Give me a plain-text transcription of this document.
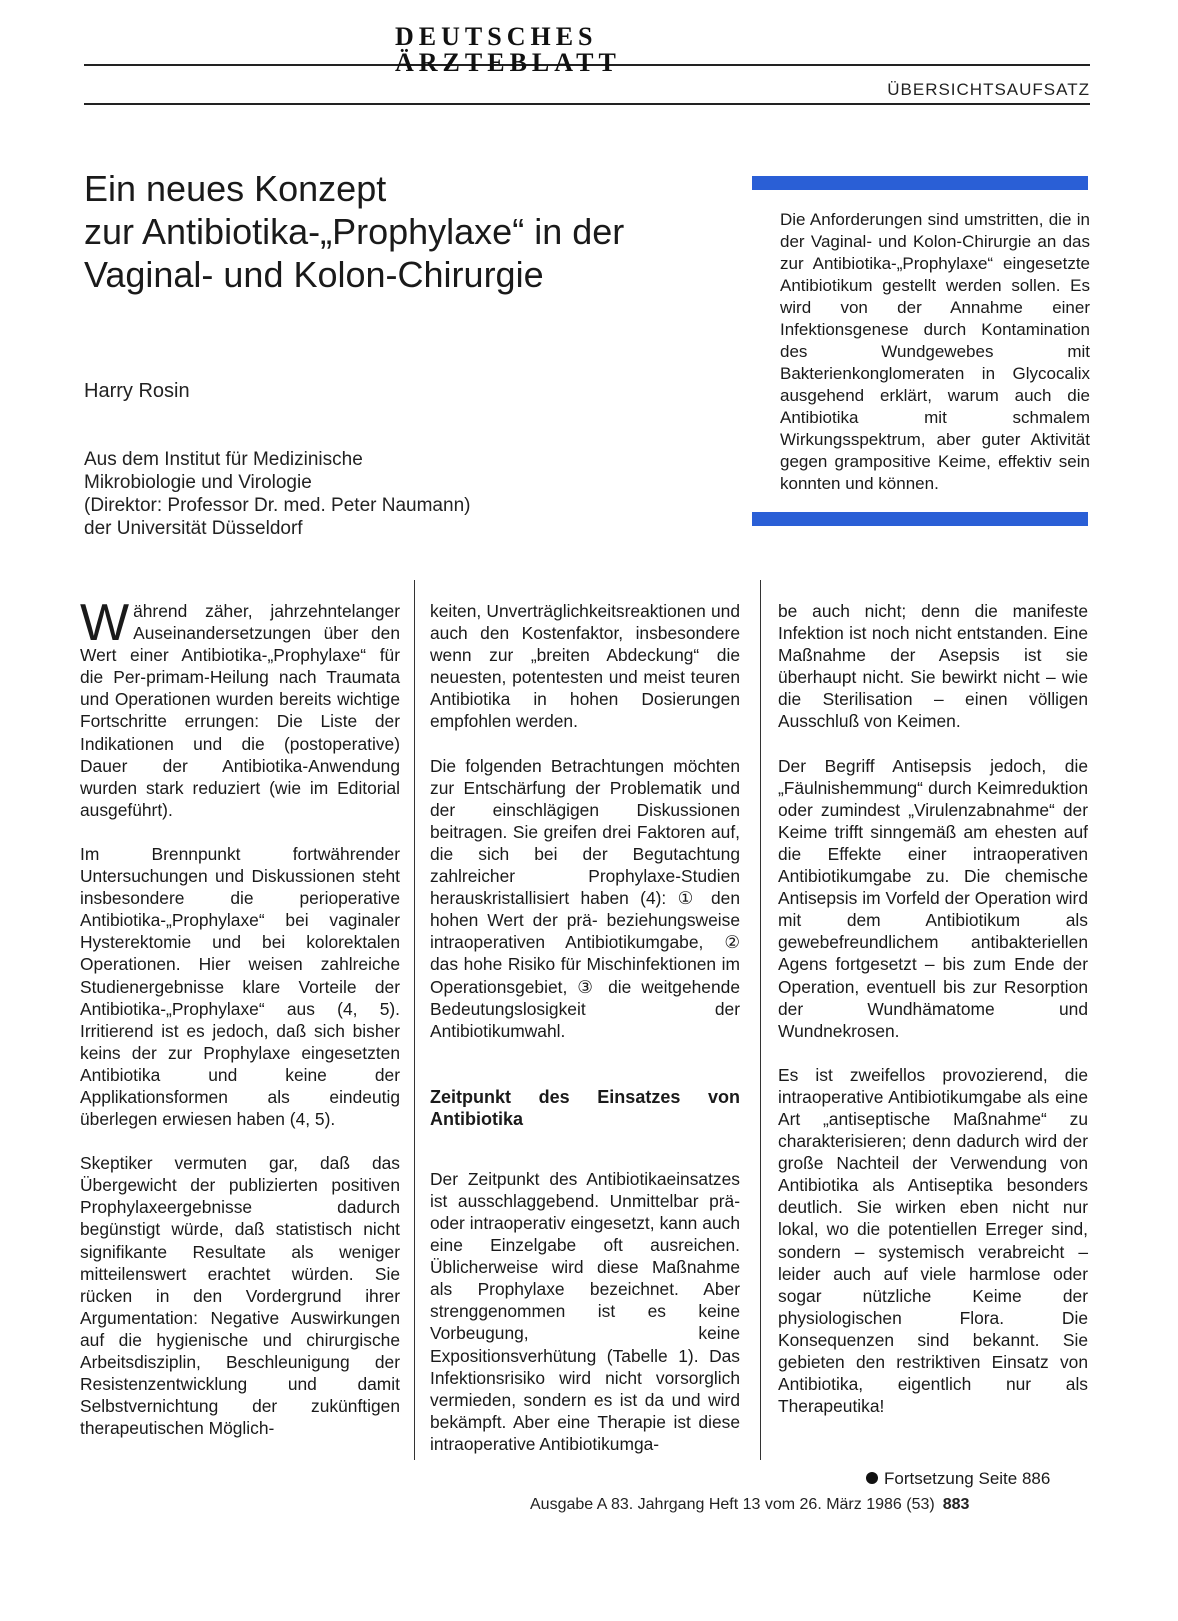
DEUTSCHES ÄRZTEBLATT
ÜBERSICHTSAUFSATZ
Ein neues Konzept
zur Antibiotika-„Prophylaxe“ in der
Vaginal- und Kolon-Chirurgie
Harry Rosin
Aus dem Institut für Medizinische
Mikrobiologie und Virologie
(Direktor: Professor Dr. med. Peter Naumann)
der Universität Düsseldorf
Die Anforderungen sind umstritten, die in der Vaginal- und Kolon-Chirurgie an das zur Antibiotika-„Prophylaxe“ eingesetzte Antibiotikum gestellt werden sollen. Es wird von der Annahme einer Infektionsgenese durch Kontamination des Wundgewebes mit Bakterienkonglomeraten in Glycocalix ausgehend erklärt, warum auch die Antibiotika mit schmalem Wirkungsspektrum, aber guter Aktivität gegen grampositive Keime, effektiv sein konnten und können.

Während zäher, jahrzehntelanger Auseinandersetzungen über den Wert einer Antibiotika-„Prophylaxe“ für die Per-primam-Heilung nach Traumata und Operationen wurden bereits wichtige Fortschritte errungen: Die Liste der Indikationen und die (postoperative) Dauer der Antibiotika-Anwendung wurden stark reduziert (wie im Editorial ausgeführt).

Im Brennpunkt fortwährender Untersuchungen und Diskussionen steht insbesondere die perioperative Antibiotika-„Prophylaxe“ bei vaginaler Hysterektomie und bei kolorektalen Operationen. Hier weisen zahlreiche Studienergebnisse klare Vorteile der Antibiotika-„Prophylaxe“ aus (4, 5). Irritierend ist es jedoch, daß sich bisher keins der zur Prophylaxe eingesetzten Antibiotika und keine der Applikationsformen als eindeutig überlegen erwiesen haben (4, 5).

Skeptiker vermuten gar, daß das Übergewicht der publizierten positiven Prophylaxeergebnisse dadurch begünstigt würde, daß statistisch nicht signifikante Resultate als weniger mitteilenswert erachtet würden. Sie rücken in den Vordergrund ihrer Argumentation: Negative Auswirkungen auf die hygienische und chirurgische Arbeitsdisziplin, Beschleunigung der Resistenzentwicklung und damit Selbstvernichtung der zukünftigen therapeutischen Möglich-

keiten, Unverträglichkeitsreaktionen und auch den Kostenfaktor, insbesondere wenn zur „breiten Abdeckung“ die neuesten, potentesten und meist teuren Antibiotika in hohen Dosierungen empfohlen werden.

Die folgenden Betrachtungen möchten zur Entschärfung der Problematik und der einschlägigen Diskussionen beitragen. Sie greifen drei Faktoren auf, die sich bei der Begutachtung zahlreicher Prophylaxe-Studien herauskristallisiert haben (4): ① den hohen Wert der prä- beziehungsweise intraoperativen Antibiotikumgabe, ② das hohe Risiko für Mischinfektionen im Operationsgebiet, ③ die weitgehende Bedeutungslosigkeit der Antibiotikumwahl.

Zeitpunkt des Einsatzes von Antibiotika

Der Zeitpunkt des Antibiotikaeinsatzes ist ausschlaggebend. Unmittelbar prä- oder intraoperativ eingesetzt, kann auch eine Einzelgabe oft ausreichen. Üblicherweise wird diese Maßnahme als Prophylaxe bezeichnet. Aber strenggenommen ist es keine Vorbeugung, keine Expositionsverhütung (Tabelle 1). Das Infektionsrisiko wird nicht vorsorglich vermieden, sondern es ist da und wird bekämpft. Aber eine Therapie ist diese intraoperative Antibiotikumga-

be auch nicht; denn die manifeste Infektion ist noch nicht entstanden. Eine Maßnahme der Asepsis ist sie überhaupt nicht. Sie bewirkt nicht – wie die Sterilisation – einen völligen Ausschluß von Keimen.

Der Begriff Antisepsis jedoch, die „Fäulnishemmung“ durch Keimreduktion oder zumindest „Virulenzabnahme“ der Keime trifft sinngemäß am ehesten auf die Effekte einer intraoperativen Antibiotikumgabe zu. Die chemische Antisepsis im Vorfeld der Operation wird mit dem Antibiotikum als gewebefreundlichem antibakteriellen Agens fortgesetzt – bis zum Ende der Operation, eventuell bis zur Resorption der Wundhämatome und Wundnekrosen.

Es ist zweifellos provozierend, die intraoperative Antibiotikumgabe als eine Art „antiseptische Maßnahme“ zu charakterisieren; denn dadurch wird der große Nachteil der Verwendung von Antibiotika als Antiseptika besonders deutlich. Sie wirken eben nicht nur lokal, wo die potentiellen Erreger sind, sondern – systemisch verabreicht – leider auch auf viele harmlose oder sogar nützliche Keime der physiologischen Flora. Die Konsequenzen sind bekannt. Sie gebieten den restriktiven Einsatz von Antibiotika, eigentlich nur als Therapeutika!

Fortsetzung Seite 886
Ausgabe A 83. Jahrgang Heft 13 vom 26. März 1986 (53) 883
